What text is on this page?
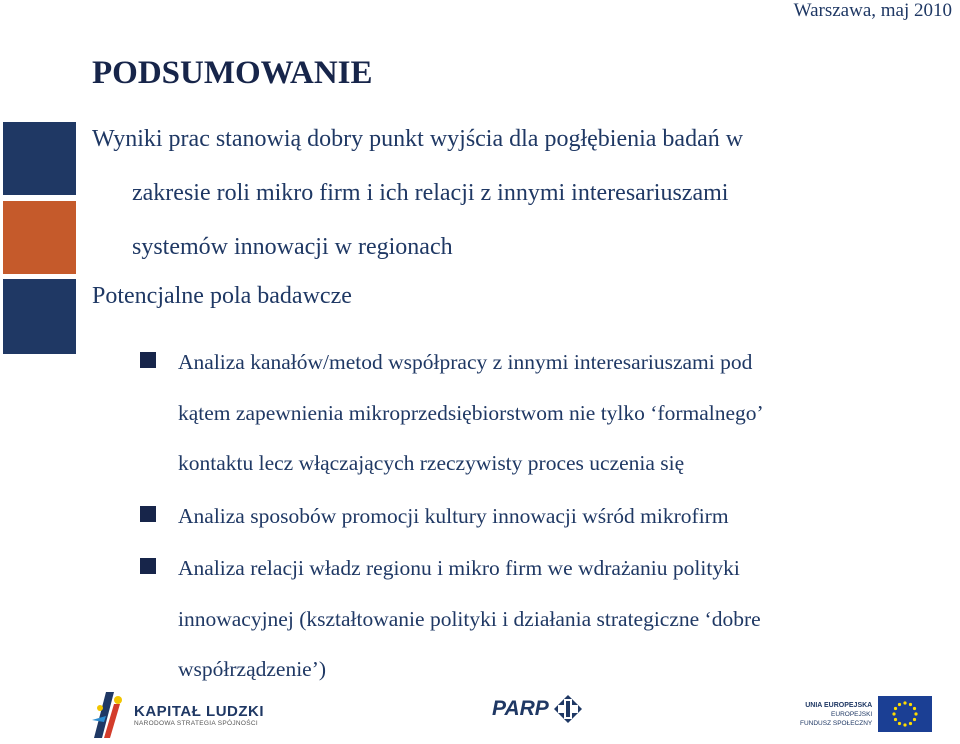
Warszawa, maj 2010
PODSUMOWANIE

Wyniki prac stanowią dobry punkt wyjścia dla pogłębienia badań w
zakresie roli mikro firm i ich relacji z innymi interesariuszami
systemów innowacji w regionach

Potencjalne pola badawcze

Analiza kanałów/metod współpracy z innymi interesariuszami pod
kątem zapewnienia mikroprzedsiębiorstwom nie tylko ‘formalnego’
kontaktu lecz włączających rzeczywisty proces uczenia się
Analiza sposobów promocji kultury innowacji wśród mikrofirm
Analiza relacji władz regionu i mikro firm we wdrażaniu polityki
innowacyjnej (kształtowanie polityki i działania strategiczne ‘dobre
współrządzenie’)
KAPITAŁ LUDZKI
NARODOWA STRATEGIA SPÓJNOŚCI
PARP	UNIA EUROPEJSKA
EUROPEJSKI
FUNDUSZ SPOŁECZNY
